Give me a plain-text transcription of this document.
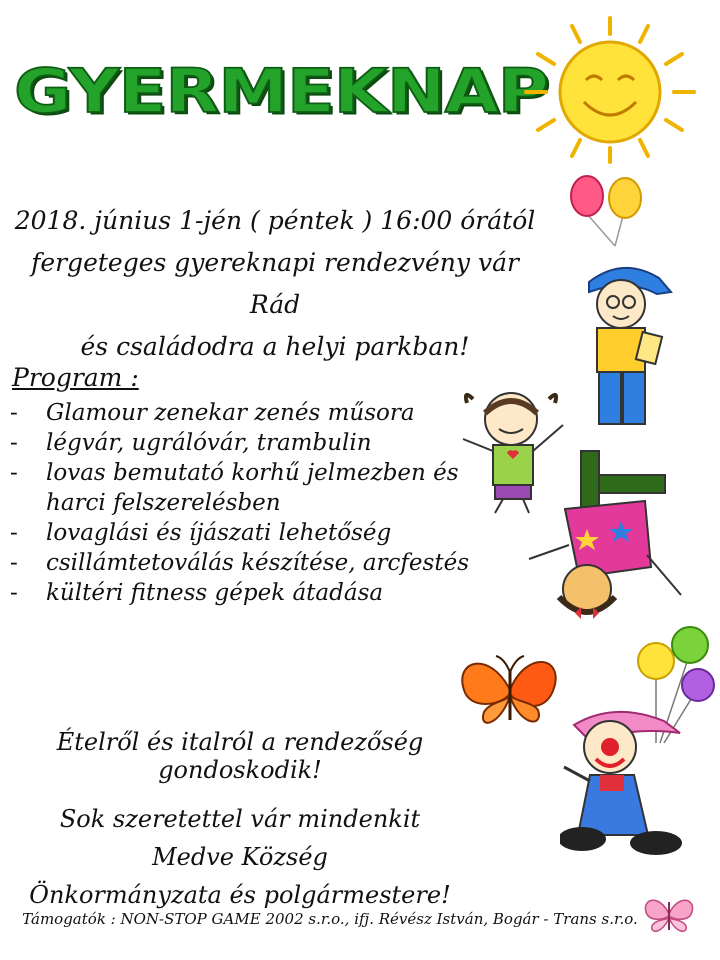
GYERMEKNAP
2018. június 1-jén ( péntek ) 16:00 órától
fergeteges gyereknapi rendezvény vár Rád
és családodra a helyi parkban!
Program :
- Glamour zenekar zenés műsora
- légvár, ugrálóvár, trambulin
- lovas bemutató korhű jelmezben és harci felszerelésben
- lovaglási és íjászati lehetőség
- csillámtetoválás készítése, arcfestés
- kültéri fitness gépek átadása
Ételről és italról a rendezőség gondoskodik!
Sok szeretettel vár mindenkit Medve Község
Önkormányzata és polgármestere!
Támogatók : NON-STOP GAME 2002 s.r.o., ifj. Révész István, Bogár - Trans s.r.o.
